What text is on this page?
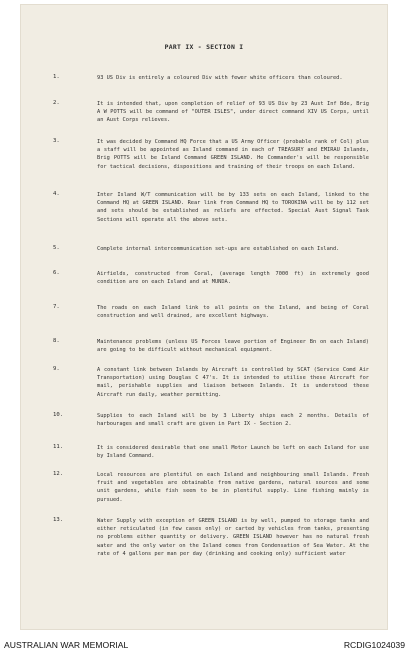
PART IX - SECTION I
1.	93 US Div is entirely a coloured Div with fewer white officers than coloured.
2.	It is intended that, upon completion of relief of 93 US Div by 23 Aust Inf Bde, Brig A W POTTS will be command of "OUTER ISLES", under direct command XIV US Corps, until an Aust Corps relieves.
3.	It was decided by Command HQ Force that a US Army Officer (probable rank of Col) plus a staff will be appointed as Island command in each of TREASURY and EMIRAU Islands, Brig POTTS will be Island Command GREEN ISLAND. He Commander's will be responsible for tactical decisions, dispositions and training of their troops on each Island.
4.	Inter Island W/T communication will be by 133 sets on each Island, linked to the Command HQ at GREEN ISLAND. Rear link from Command HQ to TOROKINA will be by 112 set and sets should be established as reliefs are effected. Special Aust Signal Task Sections will operate all the above sets.
5.	Complete internal intercommunication set-ups are established on each Island.
6.	Airfields, constructed from Coral, (average length 7000 ft) in extremely good condition are on each Island and at MUNDA.
7.	The roads on each Island link to all points on the Island, and being of Coral construction and well drained, are excellent highways.
8.	Maintenance problems (unless US Forces leave portion of Engineer Bn on each Island) are going to be difficult without mechanical equipment.
9.	A constant link between Islands by Aircraft is controlled by SCAT (Service Comd Air Transportation) using Douglas C 47's. It is intended to utilise these Aircraft for mail, perishable supplies and liaison between Islands. It is understood these Aircraft run daily, weather permitting.
10.	Supplies to each Island will be by 3 Liberty ships each 2 months. Details of harbourages and small craft are given in Part IX - Section 2.
11.	It is considered desirable that one small Motor Launch be left on each Island for use by Island Command.
12.	Local resources are plentiful on each Island and neighbouring small Islands. Fresh fruit and vegetables are obtainable from native gardens, natural sources and some unit gardens, while fish seem to be in plentiful supply. Line fishing mainly is pursued.
13.	Water Supply with exception of GREEN ISLAND is by well, pumped to storage tanks and either reticulated (in few cases only) or carted by vehicles from tanks, presenting no problems either quantity or delivery. GREEN ISLAND however has no natural fresh water and the only water on the Island comes from Condensation of Sea Water. At the rate of 4 gallons per man per day (drinking and cooking only) sufficient water
AUSTRALIAN WAR MEMORIAL	RCDIG1024039
